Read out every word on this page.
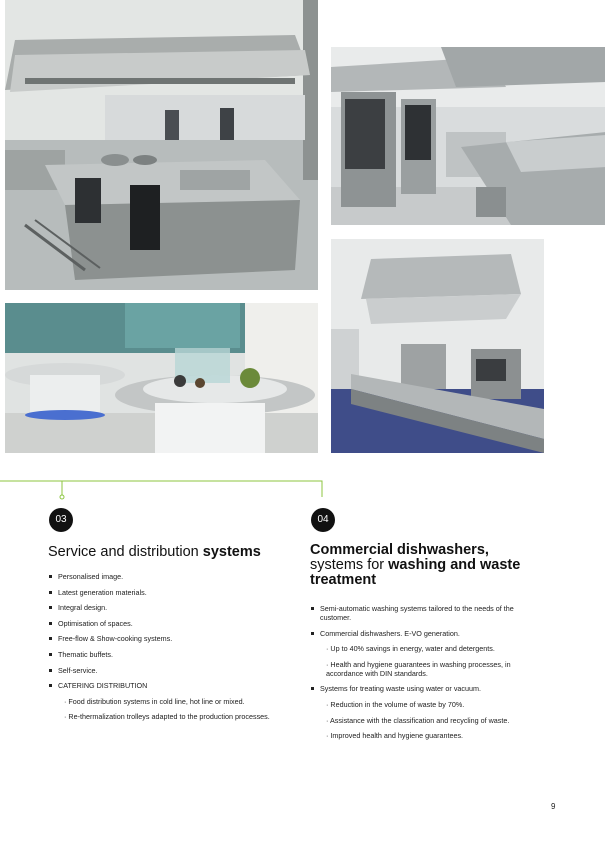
03
Service and distribution systems
Personalised image.
Latest generation materials.
Integral design.
Optimisation of spaces.
Free-flow & Show-cooking systems.
Thematic buffets.
Self-service.
CATERING DISTRIBUTION
· Food distribution systems in cold line, hot line or mixed.
· Re-thermalization trolleys adapted to the production processes.
04
Commercial dishwashers,
systems for washing and waste
treatment
Semi-automatic washing systems tailored to the needs of the customer.
Commercial dishwashers. E-VO generation.
· Up to 40% savings in energy, water and detergents.
· Health and hygiene guarantees in washing processes, in accordance with DIN standards.
Systems for treating waste using water or vacuum.
· Reduction in the volume of waste by 70%.
· Assistance with the classification and recycling of waste.
· Improved health and hygiene guarantees.
9
